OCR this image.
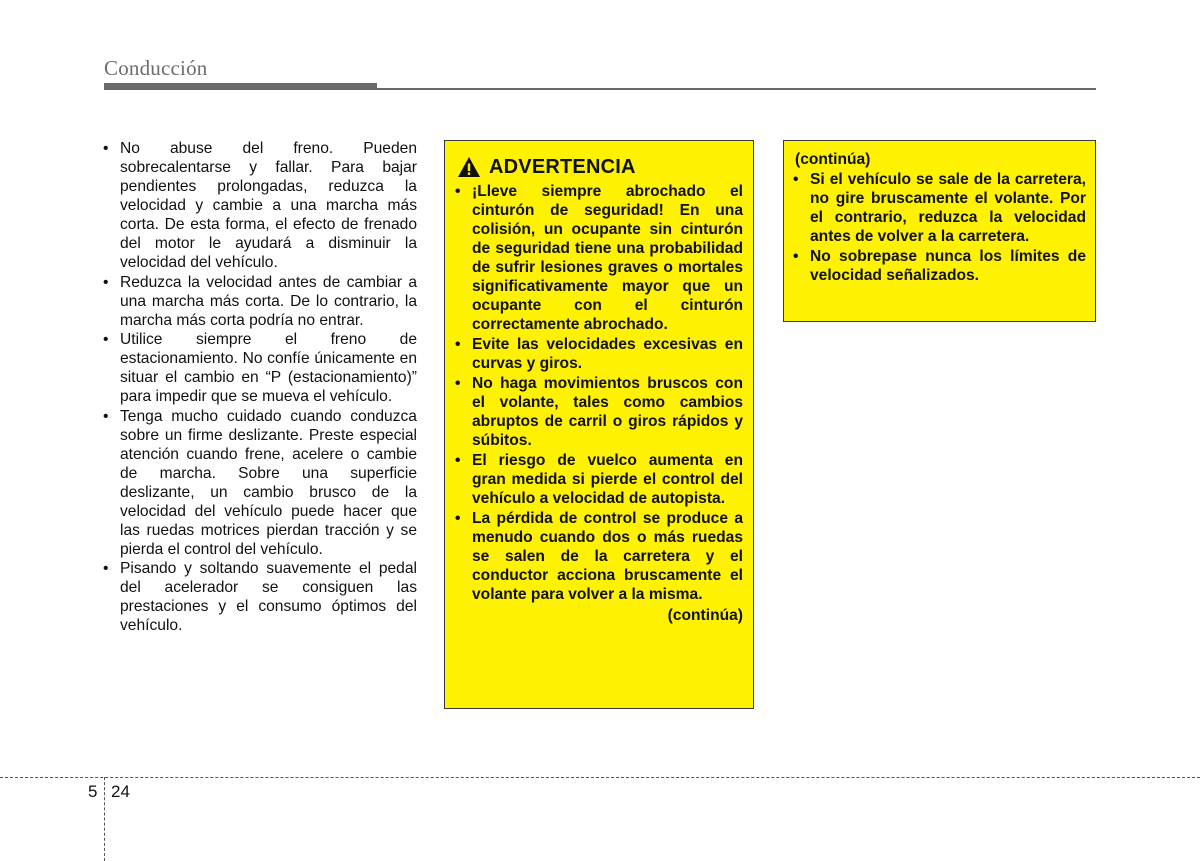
Conducción
• No abuse del freno. Pueden sobrecalentarse y fallar. Para bajar pendientes prolongadas, reduzca la velocidad y cambie a una marcha más corta. De esta forma, el efecto de frenado del motor le ayudará a disminuir la velocidad del vehículo.
• Reduzca la velocidad antes de cambiar a una marcha más corta. De lo contrario, la marcha más corta podría no entrar.
• Utilice siempre el freno de estacionamiento. No confíe únicamente en situar el cambio en “P (estacionamiento)” para impedir que se mueva el vehículo.
• Tenga mucho cuidado cuando conduzca sobre un firme deslizante. Preste especial atención cuando frene, acelere o cambie de marcha. Sobre una superficie deslizante, un cambio brusco de la velocidad del vehículo puede hacer que las ruedas motrices pierdan tracción y se pierda el control del vehículo.
• Pisando y soltando suavemente el pedal del acelerador se consiguen las prestaciones y el consumo óptimos del vehículo.
ADVERTENCIA
• ¡Lleve siempre abrochado el cinturón de seguridad! En una colisión, un ocupante sin cinturón de seguridad tiene una probabilidad de sufrir lesiones graves o mortales significativamente mayor que un ocupante con el cinturón correctamente abrochado.
• Evite las velocidades excesivas en curvas y giros.
• No haga movimientos bruscos con el volante, tales como cambios abruptos de carril o giros rápidos y súbitos.
• El riesgo de vuelco aumenta en gran medida si pierde el control del vehículo a velocidad de autopista.
• La pérdida de control se produce a menudo cuando dos o más ruedas se salen de la carretera y el conductor acciona bruscamente el volante para volver a la misma.
(continúa)
(continúa)
• Si el vehículo se sale de la carretera, no gire bruscamente el volante. Por el contrario, reduzca la velocidad antes de volver a la carretera.
• No sobrepase nunca los límites de velocidad señalizados.
5 24
